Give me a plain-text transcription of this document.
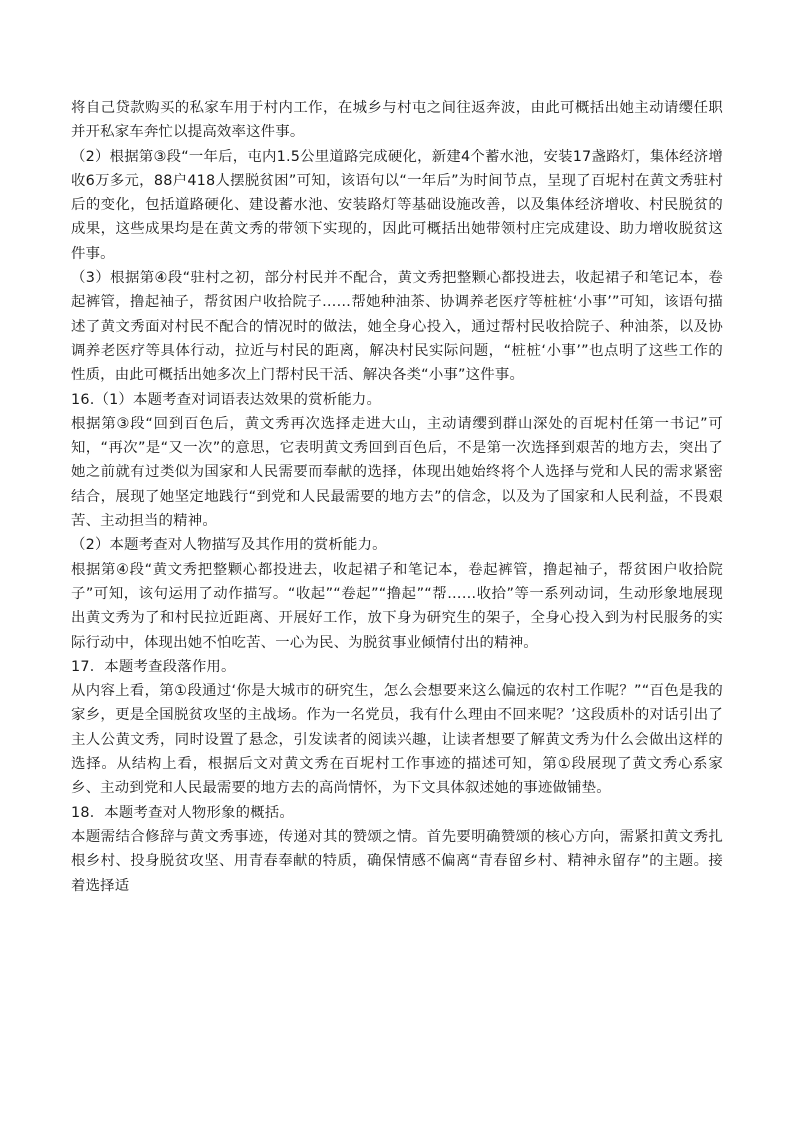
将自己贷款购买的私家车用于村内工作，在城乡与村屯之间往返奔波，由此可概括出她主动请缨任职并开私家车奔忙以提高效率这件事。

（2）根据第③段“一年后，屯内1.5公里道路完成硬化，新建4个蓄水池，安装17盏路灯，集体经济增收6万多元，88户418人摆脱贫困”可知，该语句以“一年后”为时间节点，呈现了百坭村在黄文秀驻村后的变化，包括道路硬化、建设蓄水池、安装路灯等基础设施改善，以及集体经济增收、村民脱贫的成果，这些成果均是在黄文秀的带领下实现的，因此可概括出她带领村庄完成建设、助力增收脱贫这件事。

（3）根据第④段“驻村之初，部分村民并不配合，黄文秀把整颗心都投进去，收起裙子和笔记本，卷起裤管，撸起袖子，帮贫困户收拾院子……帮她种油茶、协调养老医疗等桩桩‘小事’”可知，该语句描述了黄文秀面对村民不配合的情况时的做法，她全身心投入，通过帮村民收拾院子、种油茶，以及协调养老医疗等具体行动，拉近与村民的距离，解决村民实际问题，“桩桩‘小事’”也点明了这些工作的性质，由此可概括出她多次上门帮村民干活、解决各类“小事”这件事。

16.（1）本题考查对词语表达效果的赏析能力。

根据第③段“回到百色后，黄文秀再次选择走进大山，主动请缨到群山深处的百坭村任第一书记”可知，“再次”是“又一次”的意思，它表明黄文秀回到百色后，不是第一次选择到艰苦的地方去，突出了她之前就有过类似为国家和人民需要而奉献的选择，体现出她始终将个人选择与党和人民的需求紧密结合，展现了她坚定地践行“到党和人民最需要的地方去”的信念，以及为了国家和人民利益，不畏艰苦、主动担当的精神。

（2）本题考查对人物描写及其作用的赏析能力。

根据第④段“黄文秀把整颗心都投进去，收起裙子和笔记本，卷起裤管，撸起袖子，帮贫困户收拾院子”可知，该句运用了动作描写。“收起”“卷起”“撸起”“帮……收拾”等一系列动词，生动形象地展现出黄文秀为了和村民拉近距离、开展好工作，放下身为研究生的架子，全身心投入到为村民服务的实际行动中，体现出她不怕吃苦、一心为民、为脱贫事业倾情付出的精神。

17．本题考查段落作用。

从内容上看，第①段通过‘你是大城市的研究生，怎么会想要来这么偏远的农村工作呢？”“百色是我的家乡，更是全国脱贫攻坚的主战场。作为一名党员，我有什么理由不回来呢？’这段质朴的对话引出了主人公黄文秀，同时设置了悬念，引发读者的阅读兴趣，让读者想要了解黄文秀为什么会做出这样的选择。从结构上看，根据后文对黄文秀在百坭村工作事迹的描述可知，第①段展现了黄文秀心系家乡、主动到党和人民最需要的地方去的高尚情怀，为下文具体叙述她的事迹做铺垫。

18．本题考查对人物形象的概括。

本题需结合修辞与黄文秀事迹，传递对其的赞颂之情。首先要明确赞颂的核心方向，需紧扣黄文秀扎根乡村、投身脱贫攻坚、用青春奉献的特质，确保情感不偏离“青春留乡村、精神永留存”的主题。接着选择适
